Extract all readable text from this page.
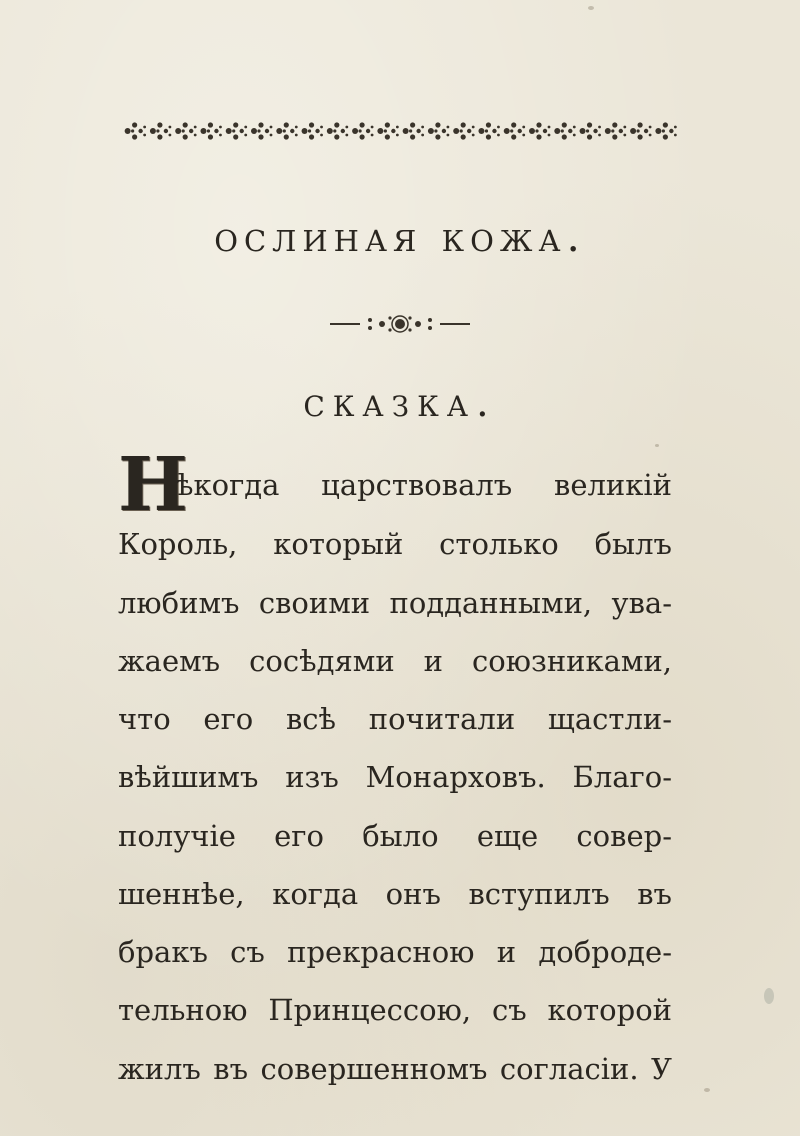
ослиная кожа.
сказка.
Н
ѣкогда царствовалъ великiй
Король, который столько былъ
любимъ своими подданными, ува-
жаемъ сосѣдями и союзниками,
что его всѣ почитали щастли-
вѣйшимъ изъ Монарховъ. Благо-
получiе его было еще совер-
шеннѣе, когда онъ вступилъ въ
бракъ съ прекрасною и доброде-
тельною Принцессою, съ которой
жилъ въ совершенномъ согласiи. У
